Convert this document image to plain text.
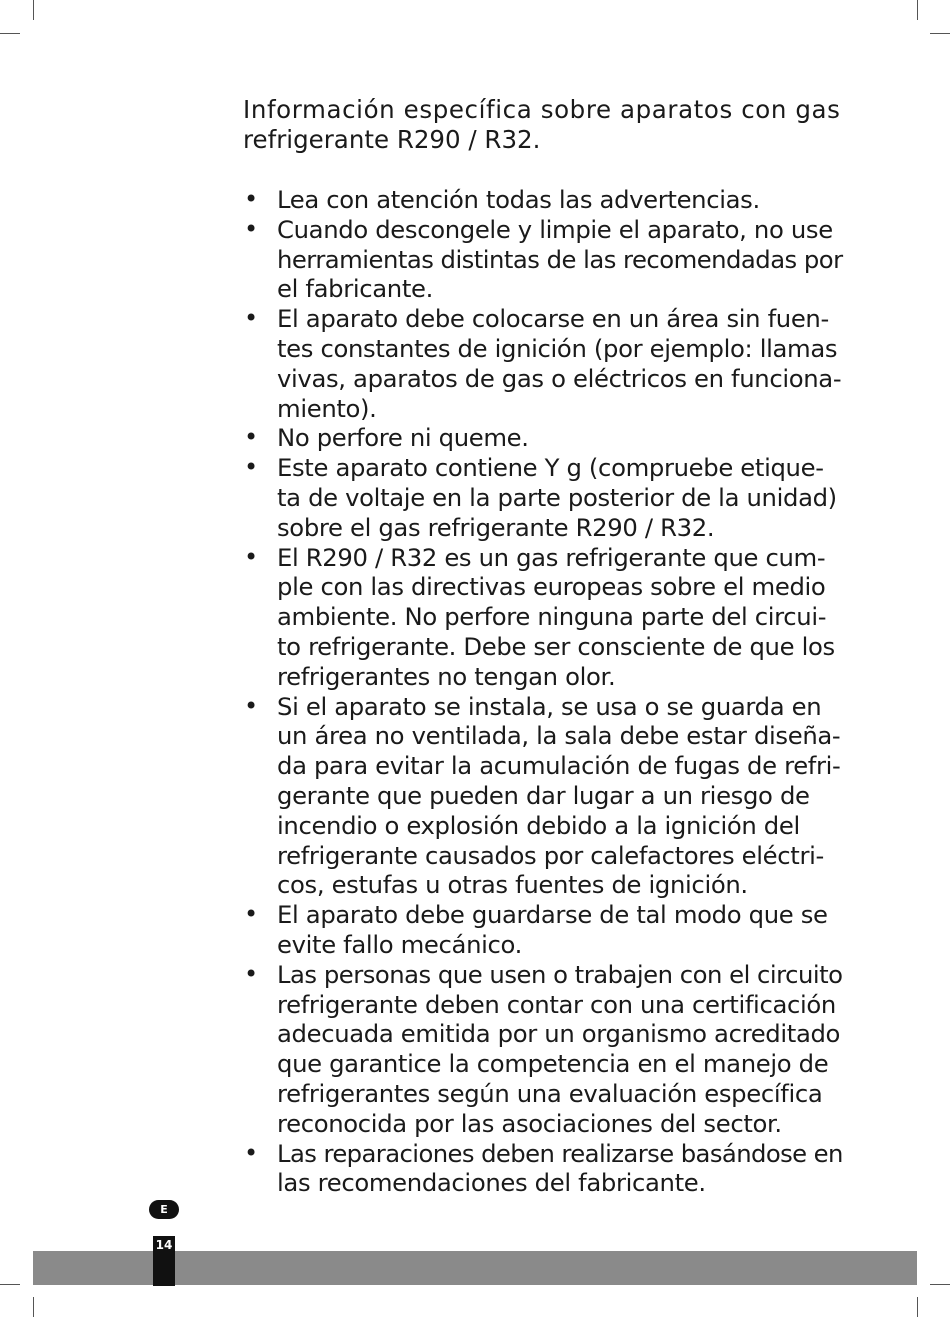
Información específica sobre aparatos con gas
refrigerante R290 / R32.
• Lea con atención todas las advertencias.
• Cuando descongele y limpie el aparato, no use
herramientas distintas de las recomendadas por
el fabricante.
• El aparato debe colocarse en un área sin fuen-
tes constantes de ignición (por ejemplo: llamas
vivas, aparatos de gas o eléctricos en funciona-
miento).
• No perfore ni queme.
• Este aparato contiene Y g (compruebe etique-
ta de voltaje en la parte posterior de la unidad)
sobre el gas refrigerante R290 / R32.
• El R290 / R32 es un gas refrigerante que cum-
ple con las directivas europeas sobre el medio
ambiente. No perfore ninguna parte del circui-
to refrigerante. Debe ser consciente de que los
refrigerantes no tengan olor.
• Si el aparato se instala, se usa o se guarda en
un área no ventilada, la sala debe estar diseña-
da para evitar la acumulación de fugas de refri-
gerante que pueden dar lugar a un riesgo de
incendio o explosión debido a la ignición del
refrigerante causados por calefactores eléctri-
cos, estufas u otras fuentes de ignición.
• El aparato debe guardarse de tal modo que se
evite fallo mecánico.
• Las personas que usen o trabajen con el circuito
refrigerante deben contar con una certificación
adecuada emitida por un organismo acreditado
que garantice la competencia en el manejo de
refrigerantes según una evaluación específica
reconocida por las asociaciones del sector.
• Las reparaciones deben realizarse basándose en
las recomendaciones del fabricante.
E
14
